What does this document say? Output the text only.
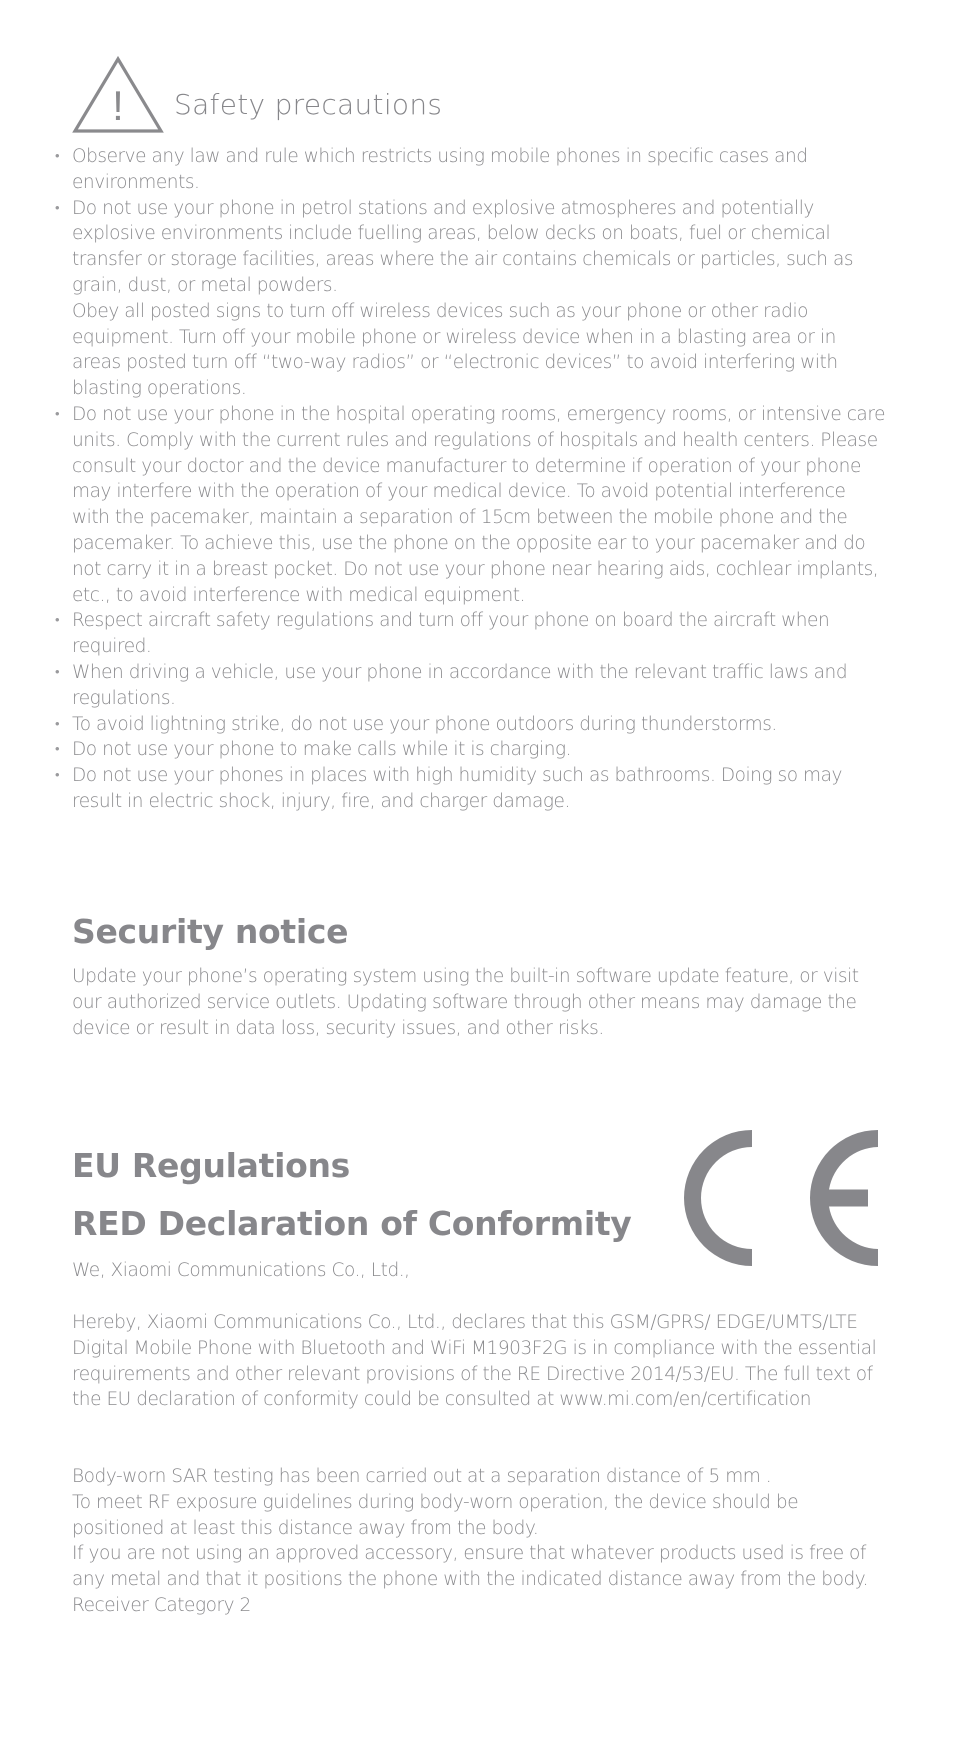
! Safety precautions
• Observe any law and rule which restricts using mobile phones in specific cases and environments.

• Do not use your phone in petrol stations and explosive atmospheres and potentially explosive environments include fuelling areas, below decks on boats, fuel or chemical transfer or storage facilities, areas where the air contains chemicals or particles, such as grain, dust, or metal powders.

Obey all posted signs to turn off wireless devices such as your phone or other radio equipment. Turn off your mobile phone or wireless device when in a blasting area or in areas posted turn off “two-way radios” or “electronic devices” to avoid interfering with blasting operations.

• Do not use your phone in the hospital operating rooms, emergency rooms, or intensive care units. Comply with the current rules and regulations of hospitals and health centers. Please consult your doctor and the device manufacturer to determine if operation of your phone may interfere with the operation of your medical device. To avoid potential interference with the pacemaker, maintain a separation of 15cm between the mobile phone and the pacemaker. To achieve this, use the phone on the opposite ear to your pacemaker and do not carry it in a breast pocket. Do not use your phone near hearing aids, cochlear implants, etc., to avoid interference with medical equipment.

• Respect aircraft safety regulations and turn off your phone on board the aircraft when required.

• When driving a vehicle, use your phone in accordance with the relevant traffic laws and regulations.

• To avoid lightning strike, do not use your phone outdoors during thunderstorms.

• Do not use your phone to make calls while it is charging.

• Do not use your phones in places with high humidity such as bathrooms. Doing so may result in electric shock, injury, fire, and charger damage.

Security notice

Update your phone’s operating system using the built-in software update feature, or visit our authorized service outlets. Updating software through other means may damage the device or result in data loss, security issues, and other risks.

EU Regulations
RED Declaration of Conformity

We, Xiaomi Communications Co., Ltd.,

Hereby, Xiaomi Communications Co., Ltd., declares that this GSM/GPRS/ EDGE/UMTS/LTE Digital Mobile Phone with Bluetooth and WiFi M1903F2G is in compliance with the essential requirements and other relevant provisions of the RE Directive 2014/53/EU. The full text of the EU declaration of conformity could be consulted at www.mi.com/en/certification

Body-worn SAR testing has been carried out at a separation distance of 5 mm .
To meet RF exposure guidelines during body-worn operation, the device should be positioned at least this distance away from the body.
If you are not using an approved accessory, ensure that whatever products used is free of any metal and that it positions the phone with the indicated distance away from the body.
Receiver Category 2
